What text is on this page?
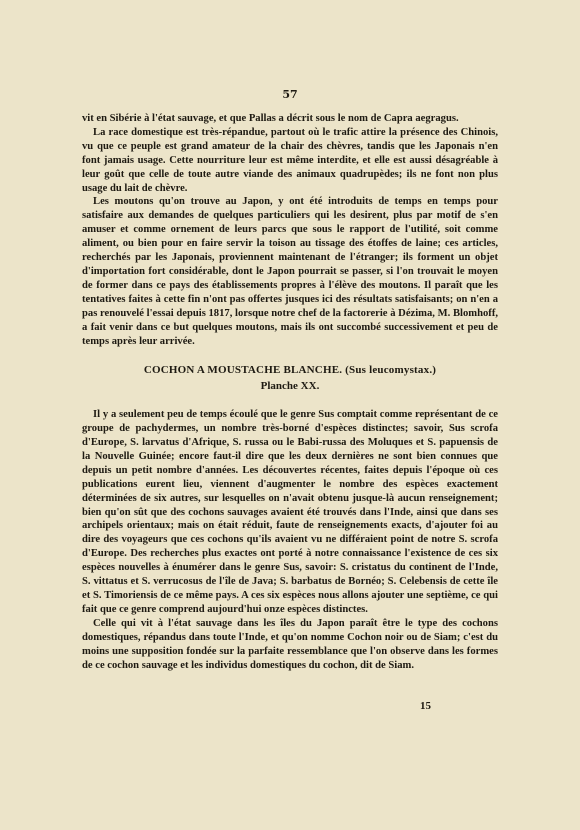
57

vit en Sibérie à l'état sauvage, et que Pallas a décrit sous le nom de Capra aegragus.

La race domestique est très-répandue, partout où le trafic attire la présence des Chinois, vu que ce peuple est grand amateur de la chair des chèvres, tandis que les Japonais n'en font jamais usage. Cette nourriture leur est même interdite, et elle est aussi désagréable à leur goût que celle de toute autre viande des animaux quadrupèdes; ils ne font non plus usage du lait de chèvre.

Les moutons qu'on trouve au Japon, y ont été introduits de temps en temps pour satisfaire aux demandes de quelques particuliers qui les desirent, plus par motif de s'en amuser et comme ornement de leurs parcs que sous le rapport de l'utilité, soit comme aliment, ou bien pour en faire servir la toison au tissage des étoffes de laine; ces articles, recherchés par les Japonais, proviennent maintenant de l'étranger; ils forment un objet d'importation fort considérable, dont le Japon pourrait se passer, si l'on trouvait le moyen de former dans ce pays des établissements propres à l'élève des moutons. Il paraît que les tentatives faites à cette fin n'ont pas offertes jusques ici des résultats satisfaisants; on n'en a pas renouvelé l'essai depuis 1817, lorsque notre chef de la factorerie à Dézima, M. Blomhoff, a fait venir dans ce but quelques moutons, mais ils ont succombé successivement et peu de temps après leur arrivée.

COCHON A MOUSTACHE BLANCHE. (Sus leucomystax.)
Planche XX.

Il y a seulement peu de temps écoulé que le genre Sus comptait comme représentant de ce groupe de pachydermes, un nombre très-borné d'espèces distinctes; savoir, Sus scrofa d'Europe, S. larvatus d'Afrique, S. russa ou le Babi-russa des Moluques et S. papuensis de la Nouvelle Guinée; encore faut-il dire que les deux dernières ne sont bien connues que depuis un petit nombre d'années. Les découvertes récentes, faites depuis l'époque où ces publications eurent lieu, viennent d'augmenter le nombre des espèces exactement déterminées de six autres, sur lesquelles on n'avait obtenu jusque-là aucun renseignement; bien qu'on sût que des cochons sauvages avaient été trouvés dans l'Inde, ainsi que dans ses archipels orientaux; mais on était réduit, faute de renseignements exacts, d'ajouter foi au dire des voyageurs que ces cochons qu'ils avaient vu ne différaient point de notre S. scrofa d'Europe. Des recherches plus exactes ont porté à notre connaissance l'existence de ces six espèces nouvelles à énumérer dans le genre Sus, savoir: S. cristatus du continent de l'Inde, S. vittatus et S. verrucosus de l'île de Java; S. barbatus de Bornéo; S. Celebensis de cette île et S. Timoriensis de ce même pays. A ces six espèces nous allons ajouter une septième, ce qui fait que ce genre comprend aujourd'hui onze espèces distinctes.

Celle qui vit à l'état sauvage dans les îles du Japon paraît être le type des cochons domestiques, répandus dans toute l'Inde, et qu'on nomme Cochon noir ou de Siam; c'est du moins une supposition fondée sur la parfaite ressemblance que l'on observe dans les formes de ce cochon sauvage et les individus domestiques du cochon, dit de Siam.

15
